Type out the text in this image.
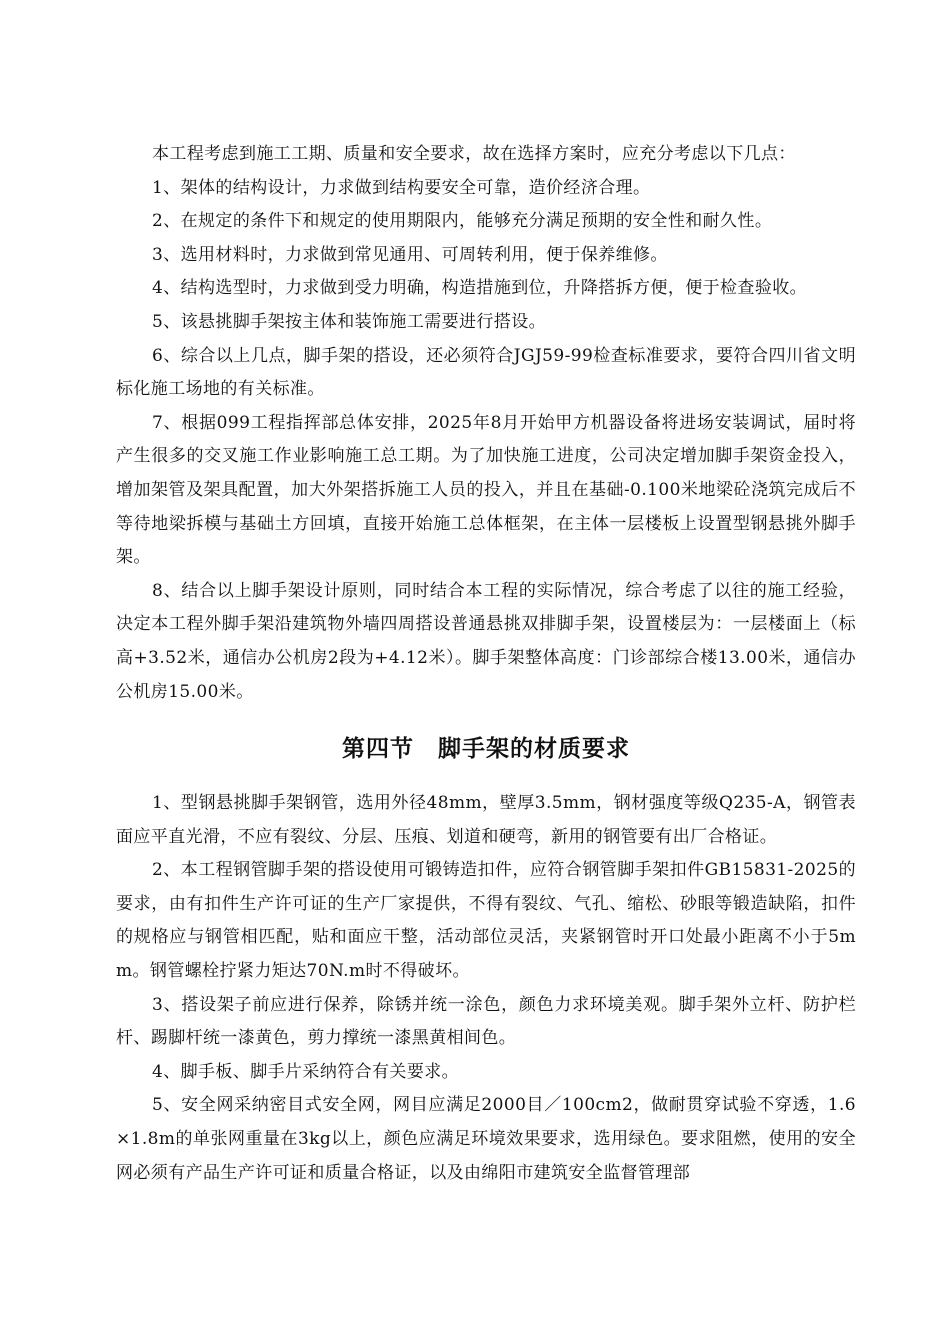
本工程考虑到施工工期、质量和安全要求，故在选择方案时，应充分考虑以下几点：

1、架体的结构设计，力求做到结构要安全可靠，造价经济合理。

2、在规定的条件下和规定的使用期限内，能够充分满足预期的安全性和耐久性。

3、选用材料时，力求做到常见通用、可周转利用，便于保养维修。

4、结构选型时，力求做到受力明确，构造措施到位，升降搭拆方便，便于检查验收。

5、该悬挑脚手架按主体和装饰施工需要进行搭设。

6、综合以上几点，脚手架的搭设，还必须符合JGJ59-99检查标准要求，要符合四川省文明标化施工场地的有关标准。

7、根据099工程指挥部总体安排，2025年8月开始甲方机器设备将进场安装调试，届时将产生很多的交叉施工作业影响施工总工期。为了加快施工进度，公司决定增加脚手架资金投入，增加架管及架具配置，加大外架搭拆施工人员的投入，并且在基础-0.100米地梁砼浇筑完成后不等待地梁拆模与基础土方回填，直接开始施工总体框架，在主体一层楼板上设置型钢悬挑外脚手架。

8、结合以上脚手架设计原则，同时结合本工程的实际情况，综合考虑了以往的施工经验，决定本工程外脚手架沿建筑物外墙四周搭设普通悬挑双排脚手架，设置楼层为：一层楼面上（标高+3.52米，通信办公机房2段为+4.12米）。脚手架整体高度：门诊部综合楼13.00米，通信办公机房15.00米。

第四节 脚手架的材质要求

1、型钢悬挑脚手架钢管，选用外径48mm，壁厚3.5mm，钢材强度等级Q235-A，钢管表面应平直光滑，不应有裂纹、分层、压痕、划道和硬弯，新用的钢管要有出厂合格证。

2、本工程钢管脚手架的搭设使用可锻铸造扣件，应符合钢管脚手架扣件GB15831-2025的要求，由有扣件生产许可证的生产厂家提供，不得有裂纹、气孔、缩松、砂眼等锻造缺陷，扣件的规格应与钢管相匹配，贴和面应干整，活动部位灵活，夹紧钢管时开口处最小距离不小于5mm。钢管螺栓拧紧力矩达70N.m时不得破坏。

3、搭设架子前应进行保养，除锈并统一涂色，颜色力求环境美观。脚手架外立杆、防护栏杆、踢脚杆统一漆黄色，剪力撑统一漆黑黄相间色。

4、脚手板、脚手片采纳符合有关要求。

5、安全网采纳密目式安全网，网目应满足2000目／100cm2，做耐贯穿试验不穿透，1.6×1.8m的单张网重量在3kg以上，颜色应满足环境效果要求，选用绿色。要求阻燃，使用的安全网必须有产品生产许可证和质量合格证，以及由绵阳市建筑安全监督管理部
